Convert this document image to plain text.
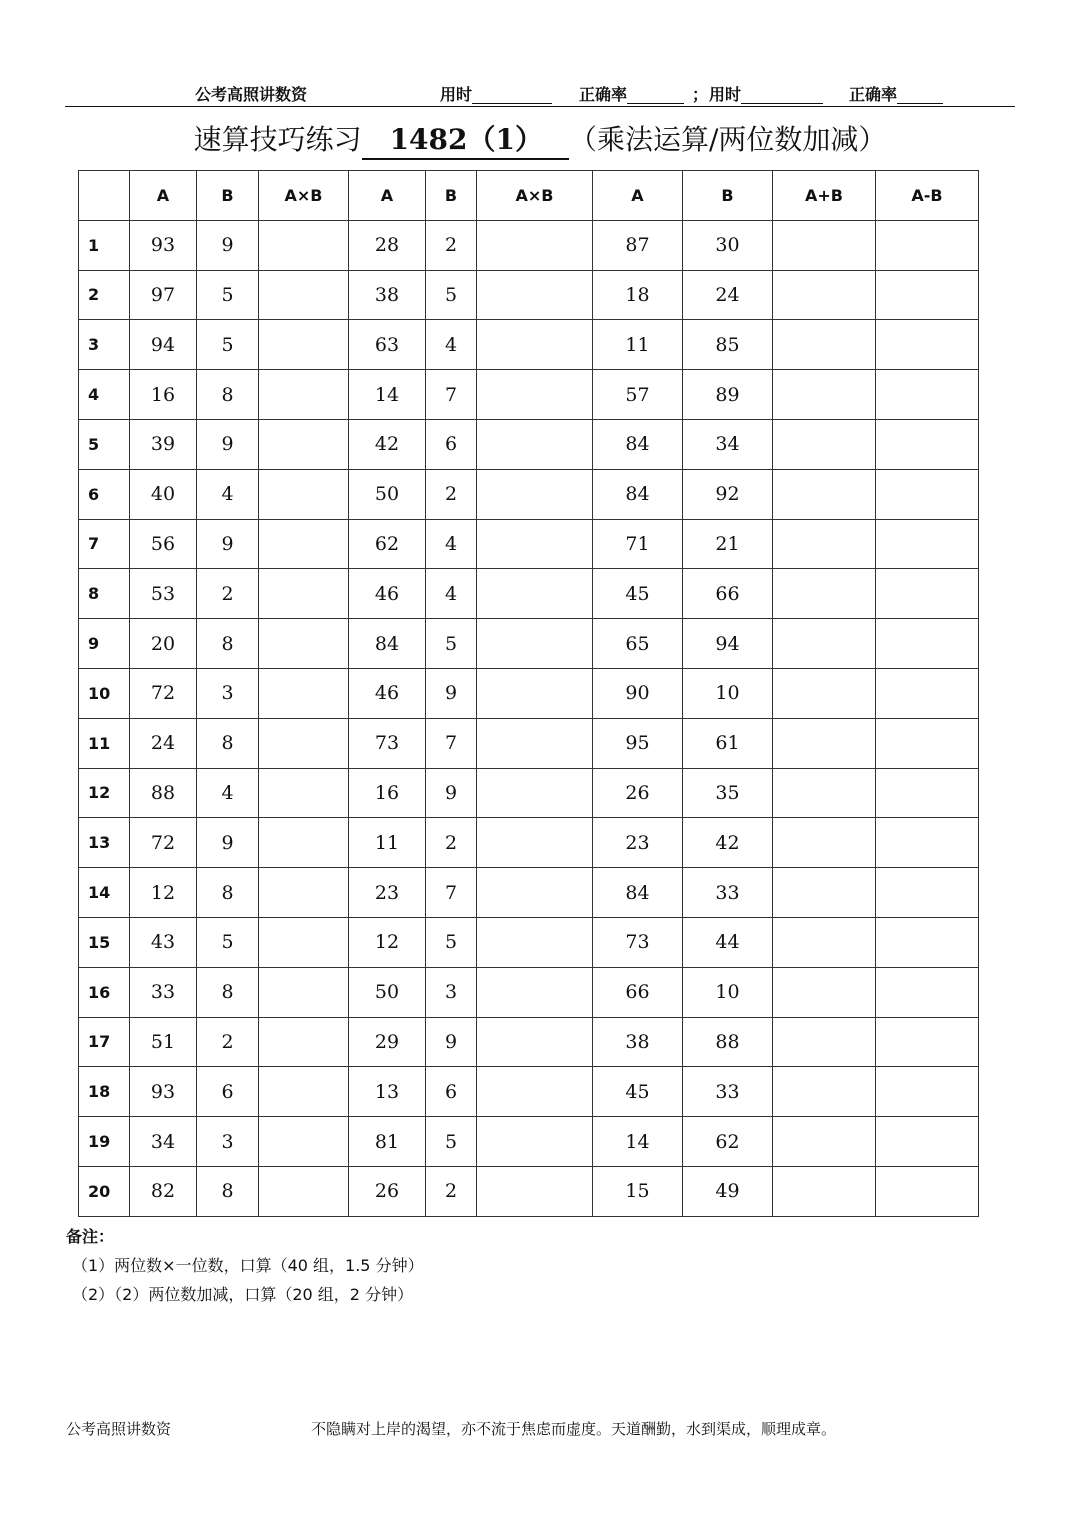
公考高照讲数资	用时	正确率	； 用时	正确率
速算技巧练习 1482（1） （乘法运算/两位数加减）
	A	B	A×B	A	B	A×B	A	B	A+B	A-B
1	93	9		28	2		87	30		
2	97	5		38	5		18	24		
3	94	5		63	4		11	85		
4	16	8		14	7		57	89		
5	39	9		42	6		84	34		
6	40	4		50	2		84	92		
7	56	9		62	4		71	21		
8	53	2		46	4		45	66		
9	20	8		84	5		65	94		
10	72	3		46	9		90	10		
11	24	8		73	7		95	61		
12	88	4		16	9		26	35		
13	72	9		11	2		23	42		
14	12	8		23	7		84	33		
15	43	5		12	5		73	44		
16	33	8		50	3		66	10		
17	51	2		29	9		38	88		
18	93	6		13	6		45	33		
19	34	3		81	5		14	62		
20	82	8		26	2		15	49		
备注：
（1）两位数×一位数，口算（40 组，1.5 分钟）
（2）（2）两位数加减，口算（20 组，2 分钟）
公考高照讲数资	不隐瞒对上岸的渴望，亦不流于焦虑而虚度。天道酬勤，水到渠成，顺理成章。
